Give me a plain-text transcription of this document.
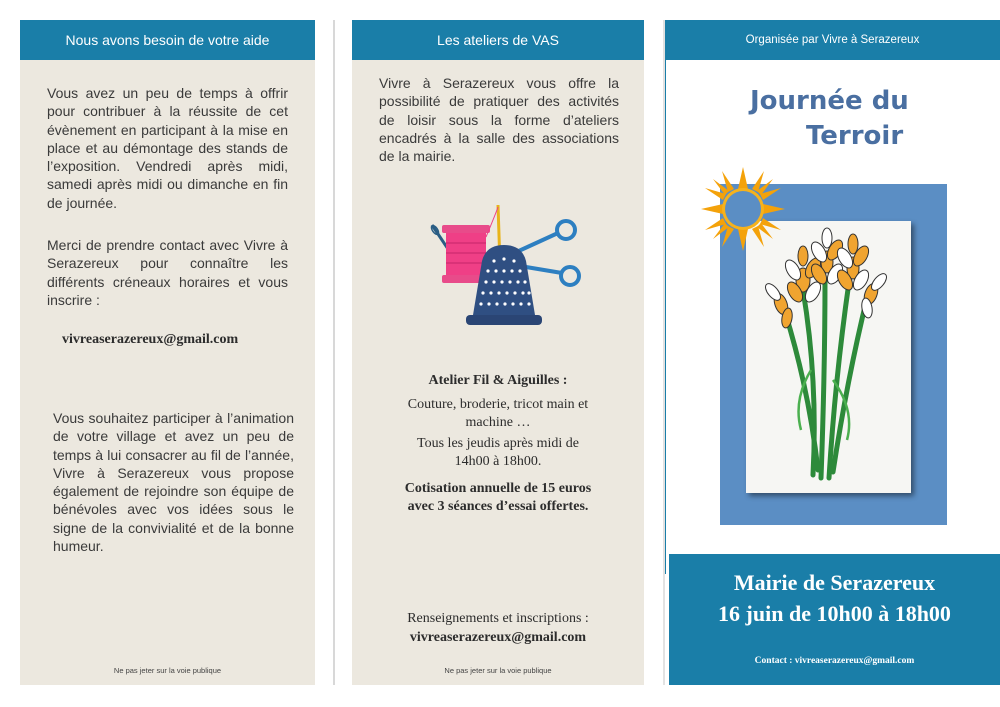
Nous avons besoin de votre aide
Vous avez un peu de temps à offrir pour contribuer à la réussite de cet évènement en participant à la mise en place et au démontage des stands de l’exposition. Vendredi après midi, samedi après midi ou dimanche en fin de journée.
Merci de prendre contact avec Vivre à Serazereux pour connaître les différents créneaux horaires et vous inscrire :
vivreaserazereux@gmail.com
Vous souhaitez participer à l’animation de votre village et avez un peu de temps à lui consacrer au fil de l’année, Vivre à Serazereux vous propose également de rejoindre son équipe de bénévoles avec vos idées sous le signe de la convivialité et de la bonne humeur.
Ne pas jeter sur la voie publique
Les ateliers de VAS
Vivre à Serazereux vous offre la possibilité de pratiquer des activités de loisir sous la forme d’ateliers encadrés à la salle des associations de la mairie.
Atelier Fil & Aiguilles :
Couture, broderie, tricot main et
machine …
Tous les jeudis après midi de
14h00 à 18h00.
Cotisation annuelle de 15 euros
avec 3 séances d’essai offertes.
Renseignements et inscriptions :
vivreaserazereux@gmail.com
Ne pas jeter sur la voie publique
Organisée par Vivre à Serazereux
Journée du
Terroir
Mairie de Serazereux
16 juin de 10h00 à 18h00
Contact : vivreaserazereux@gmail.com
